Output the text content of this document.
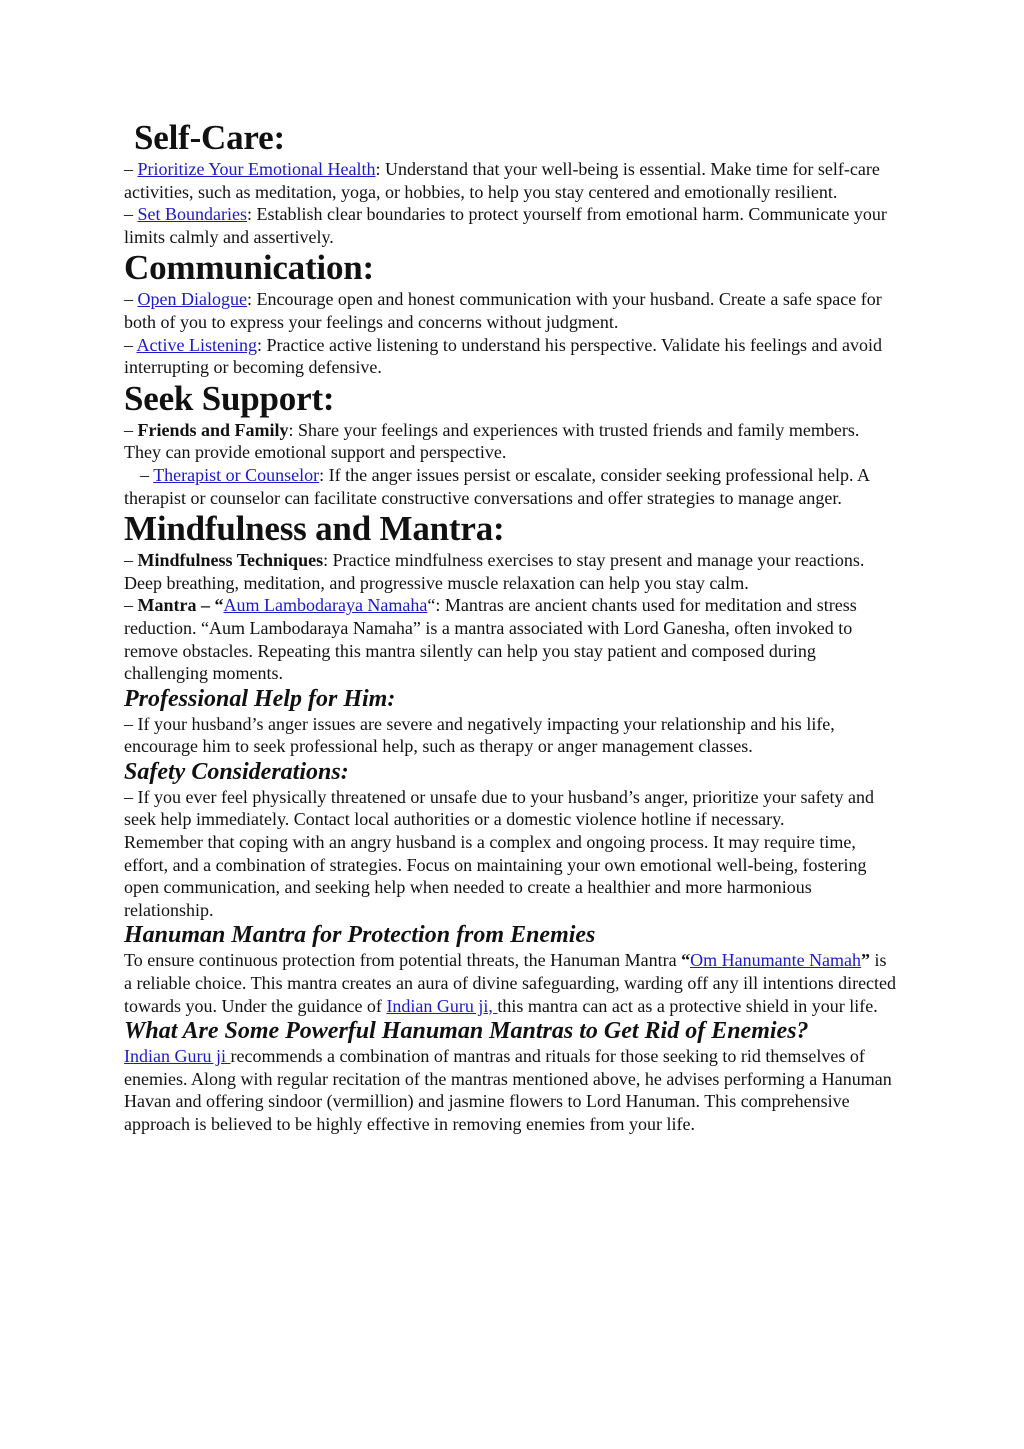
Self-Care:

– Prioritize Your Emotional Health: Understand that your well-being is essential. Make time for self-care activities, such as meditation, yoga, or hobbies, to help you stay centered and emotionally resilient.

– Set Boundaries: Establish clear boundaries to protect yourself from emotional harm. Communicate your limits calmly and assertively.

Communication:

– Open Dialogue: Encourage open and honest communication with your husband. Create a safe space for both of you to express your feelings and concerns without judgment.

– Active Listening: Practice active listening to understand his perspective. Validate his feelings and avoid interrupting or becoming defensive.

Seek Support:

– Friends and Family: Share your feelings and experiences with trusted friends and family members. They can provide emotional support and perspective.

– Therapist or Counselor: If the anger issues persist or escalate, consider seeking professional help. A therapist or counselor can facilitate constructive conversations and offer strategies to manage anger.

Mindfulness and Mantra:

– Mindfulness Techniques: Practice mindfulness exercises to stay present and manage your reactions. Deep breathing, meditation, and progressive muscle relaxation can help you stay calm.

– Mantra – “Aum Lambodaraya Namaha“: Mantras are ancient chants used for meditation and stress reduction. “Aum Lambodaraya Namaha” is a mantra associated with Lord Ganesha, often invoked to remove obstacles. Repeating this mantra silently can help you stay patient and composed during challenging moments.

Professional Help for Him:

– If your husband’s anger issues are severe and negatively impacting your relationship and his life, encourage him to seek professional help, such as therapy or anger management classes.

Safety Considerations:

– If you ever feel physically threatened or unsafe due to your husband’s anger, prioritize your safety and seek help immediately. Contact local authorities or a domestic violence hotline if necessary.

Remember that coping with an angry husband is a complex and ongoing process. It may require time, effort, and a combination of strategies. Focus on maintaining your own emotional well-being, fostering open communication, and seeking help when needed to create a healthier and more harmonious relationship.

Hanuman Mantra for Protection from Enemies

To ensure continuous protection from potential threats, the Hanuman Mantra “Om Hanumante Namah” is a reliable choice. This mantra creates an aura of divine safeguarding, warding off any ill intentions directed towards you. Under the guidance of Indian Guru ji, this mantra can act as a protective shield in your life.

What Are Some Powerful Hanuman Mantras to Get Rid of Enemies?

Indian Guru ji recommends a combination of mantras and rituals for those seeking to rid themselves of enemies. Along with regular recitation of the mantras mentioned above, he advises performing a Hanuman Havan and offering sindoor (vermillion) and jasmine flowers to Lord Hanuman. This comprehensive approach is believed to be highly effective in removing enemies from your life.
